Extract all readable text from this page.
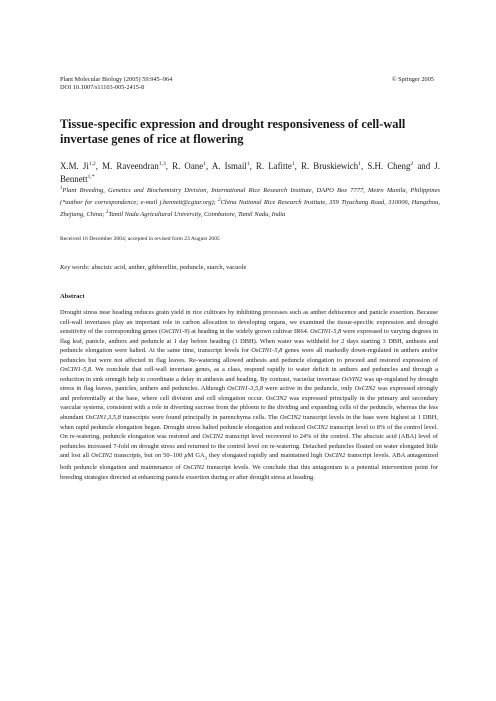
Plant Molecular Biology (2005) 59:945–964
DOI 10.1007/s11103-005-2415-8
© Springer 2005
Tissue-specific expression and drought responsiveness of cell-wall invertase genes of rice at flowering
X.M. Ji$^{1,2}$, M. Raveendran$^{1,3}$, R. Oane$^1$, A. Ismail$^1$, R. Lafitte$^1$, R. Bruskiewich$^1$, S.H. Cheng$^2$ and J. Bennett$^{1,*}$
$^1$Plant Breeding, Genetics and Biochemistry Division, International Rice Research Institute, DAPO Box 7777, Metro Manila, Philippines (*author for correspondence; e-mail j.bennett@cgiar.org); $^2$China National Rice Research Institute, 359 Tiyuchang Road, 310006, Hangzhou, Zhejiang, China; $^3$Tamil Nadu Agricultural University, Coimbatore, Tamil Nadu, India
Received 16 December 2004; accepted in revised form 23 August 2005
Key words: abscisic acid, anther, gibberellin, peduncle, starch, vacuole
Abstract
Drought stress near heading reduces grain yield in rice cultivars by inhibiting processes such as anther dehiscence and panicle exsertion. Because cell-wall invertases play an important role in carbon allocation to developing organs, we examined the tissue-specific expression and drought sensitivity of the corresponding genes (OsCIN1-9) at heading in the widely grown cultivar IR64. OsCIN1-5,8 were expressed to varying degrees in flag leaf, panicle, anthers and peduncle at 1 day before heading (1 DBH). When water was withheld for 2 days starting 3 DBH, anthesis and peduncle elongation were halted. At the same time, transcript levels for OsCIN1-5,8 genes were all markedly down-regulated in anthers and/or peduncles but were not affected in flag leaves. Re-watering allowed anthesis and peduncle elongation to proceed and restored expression of OsCIN1-5,8. We conclude that cell-wall invertase genes, as a class, respond rapidly to water deficit in anthers and peduncles and through a reduction in sink strength help to coordinate a delay in anthesis and heading. By contrast, vacuolar invertase OsVIN2 was up-regulated by drought stress in flag leaves, panicles, anthers and peduncles. Although OsCIN1-3,5,8 were active in the peduncle, only OsCIN2 was expressed strongly and preferentially at the base, where cell division and cell elongation occur. OsCIN2 was expressed principally in the primary and secondary vascular systems, consistent with a role in diverting sucrose from the phloem to the dividing and expanding cells of the peduncle, whereas the less abundant OsCIN1,3,5,8 transcripts were found principally in parenchyma cells. The OsCIN2 transcript levels in the base were highest at 1 DBH, when rapid peduncle elongation began. Drought stress halted peduncle elongation and reduced OsCIN2 transcript level to 8% of the control level. On re-watering, peduncle elongation was restored and OsCIN2 transcript level recovered to 24% of the control. The abscisic acid (ABA) level of peduncles increased 7-fold on drought stress and returned to the control level on re-watering. Detached peduncles floated on water elongated little and lost all OsCIN2 transcripts, but on 50–100 μM $GA_3$ they elongated rapidly and maintained high OsCIN2 transcript levels. ABA antagonized both peduncle elongation and maintenance of OsCIN2 transcript levels. We conclude that this antagonism is a potential intervention point for breeding strategies directed at enhancing panicle exsertion during or after drought stress at heading.
